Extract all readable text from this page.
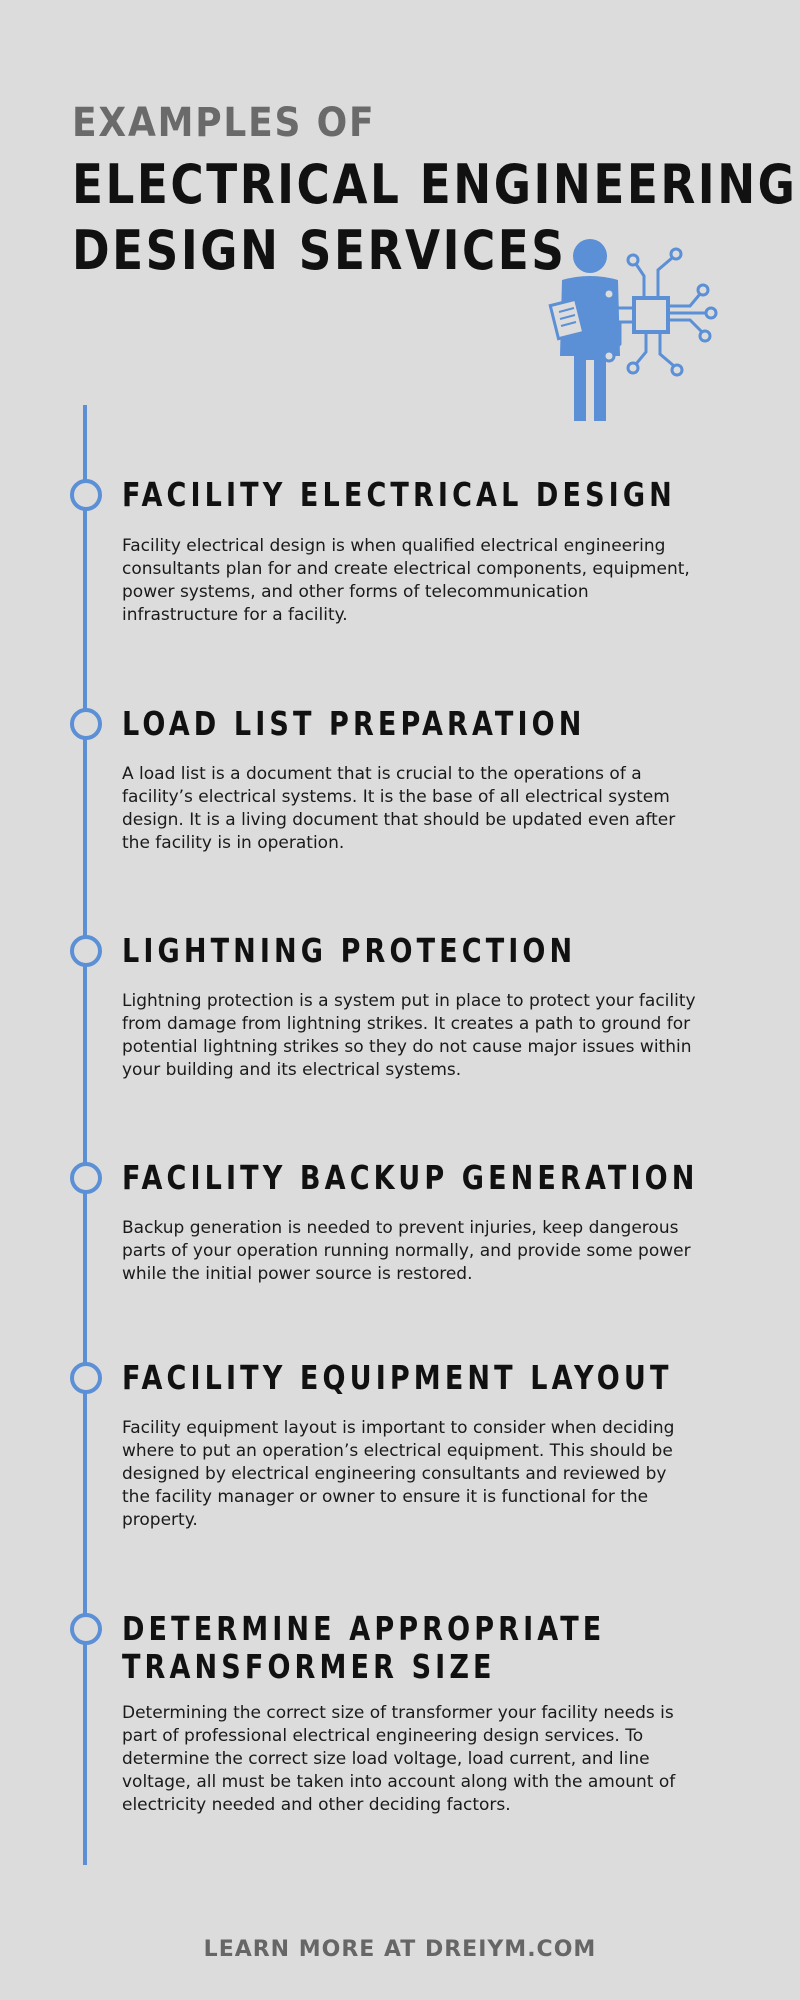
EXAMPLES OF
ELECTRICAL ENGINEERING
DESIGN SERVICES
FACILITY ELECTRICAL DESIGN
Facility electrical design is when qualified electrical engineering consultants plan for and create electrical components, equipment, power systems, and other forms of telecommunication infrastructure for a facility.
LOAD LIST PREPARATION
A load list is a document that is crucial to the operations of a facility’s electrical systems. It is the base of all electrical system design. It is a living document that should be updated even after the facility is in operation.
LIGHTNING PROTECTION
Lightning protection is a system put in place to protect your facility from damage from lightning strikes. It creates a path to ground for potential lightning strikes so they do not cause major issues within your building and its electrical systems.
FACILITY BACKUP GENERATION
Backup generation is needed to prevent injuries, keep dangerous parts of your operation running normally, and provide some power while the initial power source is restored.
FACILITY EQUIPMENT LAYOUT
Facility equipment layout is important to consider when deciding where to put an operation’s electrical equipment. This should be designed by electrical engineering consultants and reviewed by the facility manager or owner to ensure it is functional for the property.
DETERMINE APPROPRIATE
TRANSFORMER SIZE
Determining the correct size of transformer your facility needs is part of professional electrical engineering design services. To determine the correct size load voltage, load current, and line voltage, all must be taken into account along with the amount of electricity needed and other deciding factors.
LEARN MORE AT DREIYM.COM
